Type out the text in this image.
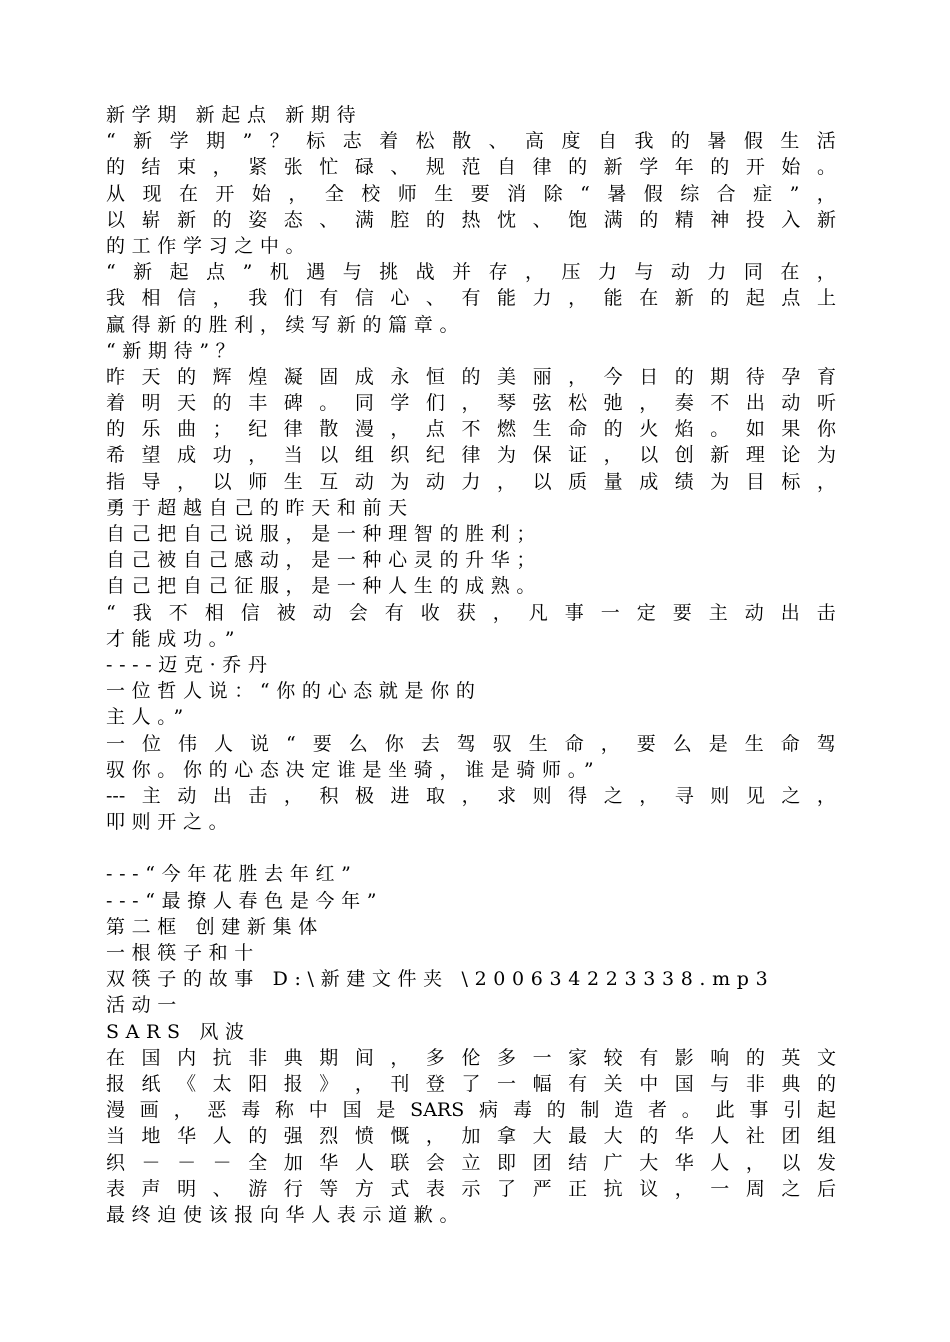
新学期 新起点 新期待
“ 新 学 期 ” ？ 标 志 着 松 散 、 高 度 自 我 的 暑 假 生 活
的 结 束 ， 紧 张 忙 碌 、 规 范 自 律 的 新 学 年 的 开 始 。
从 现 在 开 始 ， 全 校 师 生 要 消 除 “ 暑 假 综 合 症 ” ，
以 崭 新 的 姿 态 、 满 腔 的 热 忱 、 饱 满 的 精 神 投 入 新
的工作学习之中。
“ 新 起 点 ” 机 遇 与 挑 战 并 存 ， 压 力 与 动 力 同 在 ，
我 相 信 ， 我 们 有 信 心 、 有 能 力 ， 能 在 新 的 起 点 上
赢得新的胜利，续写新的篇章。
“新期待”？
昨 天 的 辉 煌 凝 固 成 永 恒 的 美 丽 ， 今 日 的 期 待 孕 育
着 明 天 的 丰 碑 。 同 学 们 ， 琴 弦 松 弛 ， 奏 不 出 动 听
的 乐 曲 ； 纪 律 散 漫 ， 点 不 燃 生 命 的 火 焰 。 如 果 你
希 望 成 功 ， 当 以 组 织 纪 律 为 保 证 ， 以 创 新 理 论 为
指 导 ， 以 师 生 互 动 为 动 力 ， 以 质 量 成 绩 为 目 标 ，
勇于超越自己的昨天和前天
自己把自己说服，是一种理智的胜利；
自己被自己感动，是一种心灵的升华；
自己把自己征服，是一种人生的成熟。
“ 我 不 相 信 被 动 会 有 收 获 ， 凡 事 一 定 要 主 动 出 击
才能成功。”
----迈克·乔丹
一位哲人说：“你的心态就是你的
主人。”
一 位 伟 人 说 “ 要 么 你 去 驾 驭 生 命 ， 要 么 是 生 命 驾
驭你。你的心态决定谁是坐骑，谁是骑师。”
--- 主 动 出 击 ， 积 极 进 取 ， 求 则 得 之 ， 寻 则 见 之 ，
叩则开之。
---“今年花胜去年红”
---“最撩人春色是今年”
第二框 创建新集体
一根筷子和十
双筷子的故事 D:\新建文件夹 \200634223338.mp3
活动一
SARS 风波
在 国 内 抗 非 典 期 间 ， 多 伦 多 一 家 较 有 影 响 的 英 文
报 纸 《 太 阳 报 》 ， 刊 登 了 一 幅 有 关 中 国 与 非 典 的
漫 画 ， 恶 毒 称 中 国 是 SARS 病 毒 的 制 造 者 。 此 事 引 起
当 地 华 人 的 强 烈 愤 慨 ， 加 拿 大 最 大 的 华 人 社 团 组
织 － － － 全 加 华 人 联 会 立 即 团 结 广 大 华 人 ， 以 发
表 声 明 、 游 行 等 方 式 表 示 了 严 正 抗 议 ， 一 周 之 后
最终迫使该报向华人表示道歉。
